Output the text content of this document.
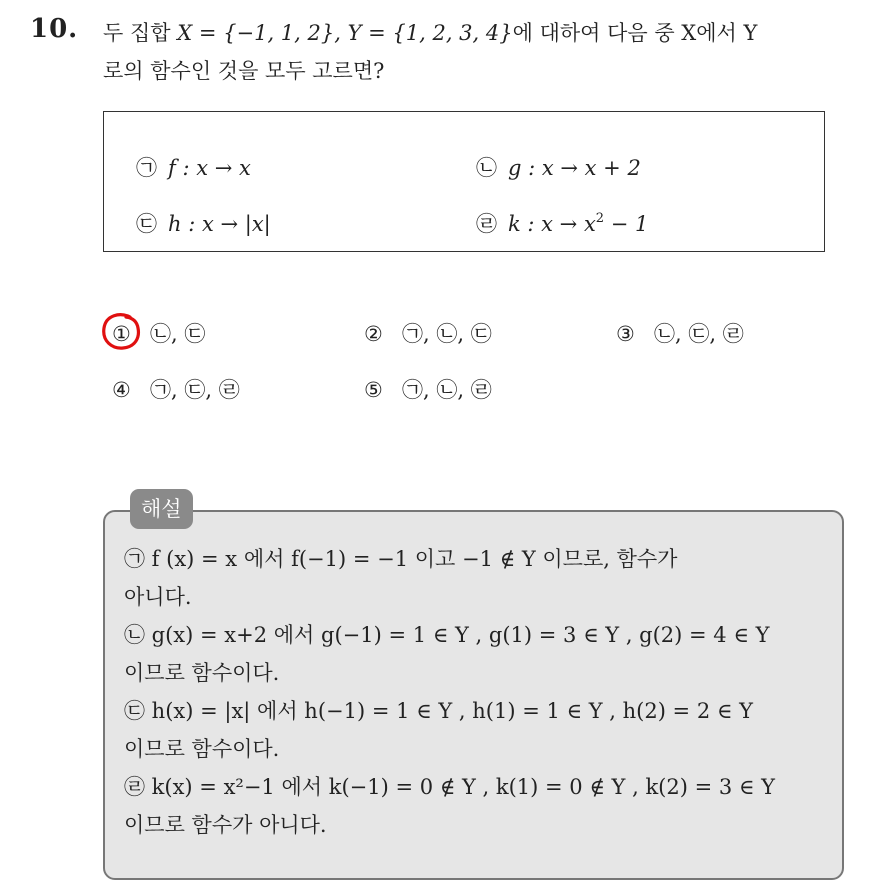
10. 두 집합 X = {−1, 1, 2}, Y = {1, 2, 3, 4}에 대하여 다음 중 X에서 Y
로의 함수인 것을 모두 고르면?
㉠ f : x → x	㉡ g : x → x + 2
㉢ h : x → |x|	㉣ k : $x \to x^2 - 1$
① ㉡, ㉢	② ㉠, ㉡, ㉢	③ ㉡, ㉢, ㉣
④ ㉠, ㉢, ㉣	⑤ ㉠, ㉡, ㉣
해설
㉠ f (x) = x 에서 f(−1) = −1 이고 −1 ∉ Y 이므로, 함수가
아니다.
㉡ g(x) = x+2 에서 g(−1) = 1 ∈ Y , g(1) = 3 ∈ Y , g(2) = 4 ∈ Y
이므로 함수이다.
㉢ h(x) = |x| 에서 h(−1) = 1 ∈ Y , h(1) = 1 ∈ Y , h(2) = 2 ∈ Y
이므로 함수이다.
㉣ k(x) = x²−1 에서 k(−1) = 0 ∉ Y , k(1) = 0 ∉ Y , k(2) = 3 ∈ Y
이므로 함수가 아니다.
